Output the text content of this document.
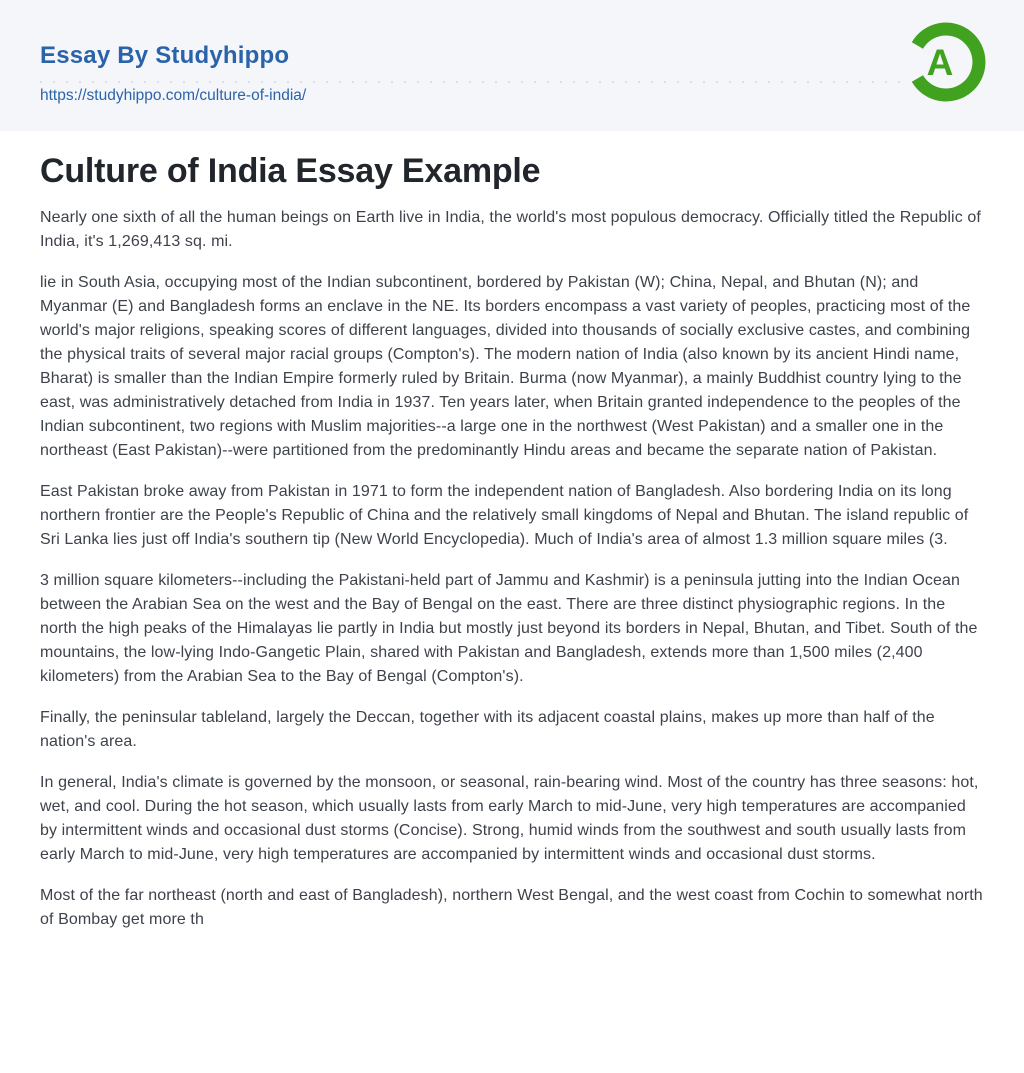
Essay By Studyhippo
https://studyhippo.com/culture-of-india/
A
Culture of India Essay Example

Nearly one sixth of all the human beings on Earth live in India, the world's most populous democracy. Officially titled the Republic of India, it's 1,269,413 sq. mi.

lie in South Asia, occupying most of the Indian subcontinent, bordered by Pakistan (W); China, Nepal, and Bhutan (N); and Myanmar (E) and Bangladesh forms an enclave in the NE. Its borders encompass a vast variety of peoples, practicing most of the world's major religions, speaking scores of different languages, divided into thousands of socially exclusive castes, and combining the physical traits of several major racial groups (Compton's). The modern nation of India (also known by its ancient Hindi name, Bharat) is smaller than the Indian Empire formerly ruled by Britain. Burma (now Myanmar), a mainly Buddhist country lying to the east, was administratively detached from India in 1937. Ten years later, when Britain granted independence to the peoples of the Indian subcontinent, two regions with Muslim majorities--a large one in the northwest (West Pakistan) and a smaller one in the northeast (East Pakistan)--were partitioned from the predominantly Hindu areas and became the separate nation of Pakistan.

East Pakistan broke away from Pakistan in 1971 to form the independent nation of Bangladesh. Also bordering India on its long northern frontier are the People's Republic of China and the relatively small kingdoms of Nepal and Bhutan. The island republic of Sri Lanka lies just off India's southern tip (New World Encyclopedia). Much of India's area of almost 1.3 million square miles (3.

3 million square kilometers--including the Pakistani-held part of Jammu and Kashmir) is a peninsula jutting into the Indian Ocean between the Arabian Sea on the west and the Bay of Bengal on the east. There are three distinct physiographic regions. In the north the high peaks of the Himalayas lie partly in India but mostly just beyond its borders in Nepal, Bhutan, and Tibet. South of the mountains, the low-lying Indo-Gangetic Plain, shared with Pakistan and Bangladesh, extends more than 1,500 miles (2,400 kilometers) from the Arabian Sea to the Bay of Bengal (Compton's).

Finally, the peninsular tableland, largely the Deccan, together with its adjacent coastal plains, makes up more than half of the nation's area.

In general, India's climate is governed by the monsoon, or seasonal, rain-bearing wind. Most of the country has three seasons: hot, wet, and cool. During the hot season, which usually lasts from early March to mid-June, very high temperatures are accompanied by intermittent winds and occasional dust storms (Concise). Strong, humid winds from the southwest and south usually lasts from early March to mid-June, very high temperatures are accompanied by intermittent winds and occasional dust storms.

Most of the far northeast (north and east of Bangladesh), northern West Bengal, and the west coast from Cochin to somewhat north of Bombay get more th
